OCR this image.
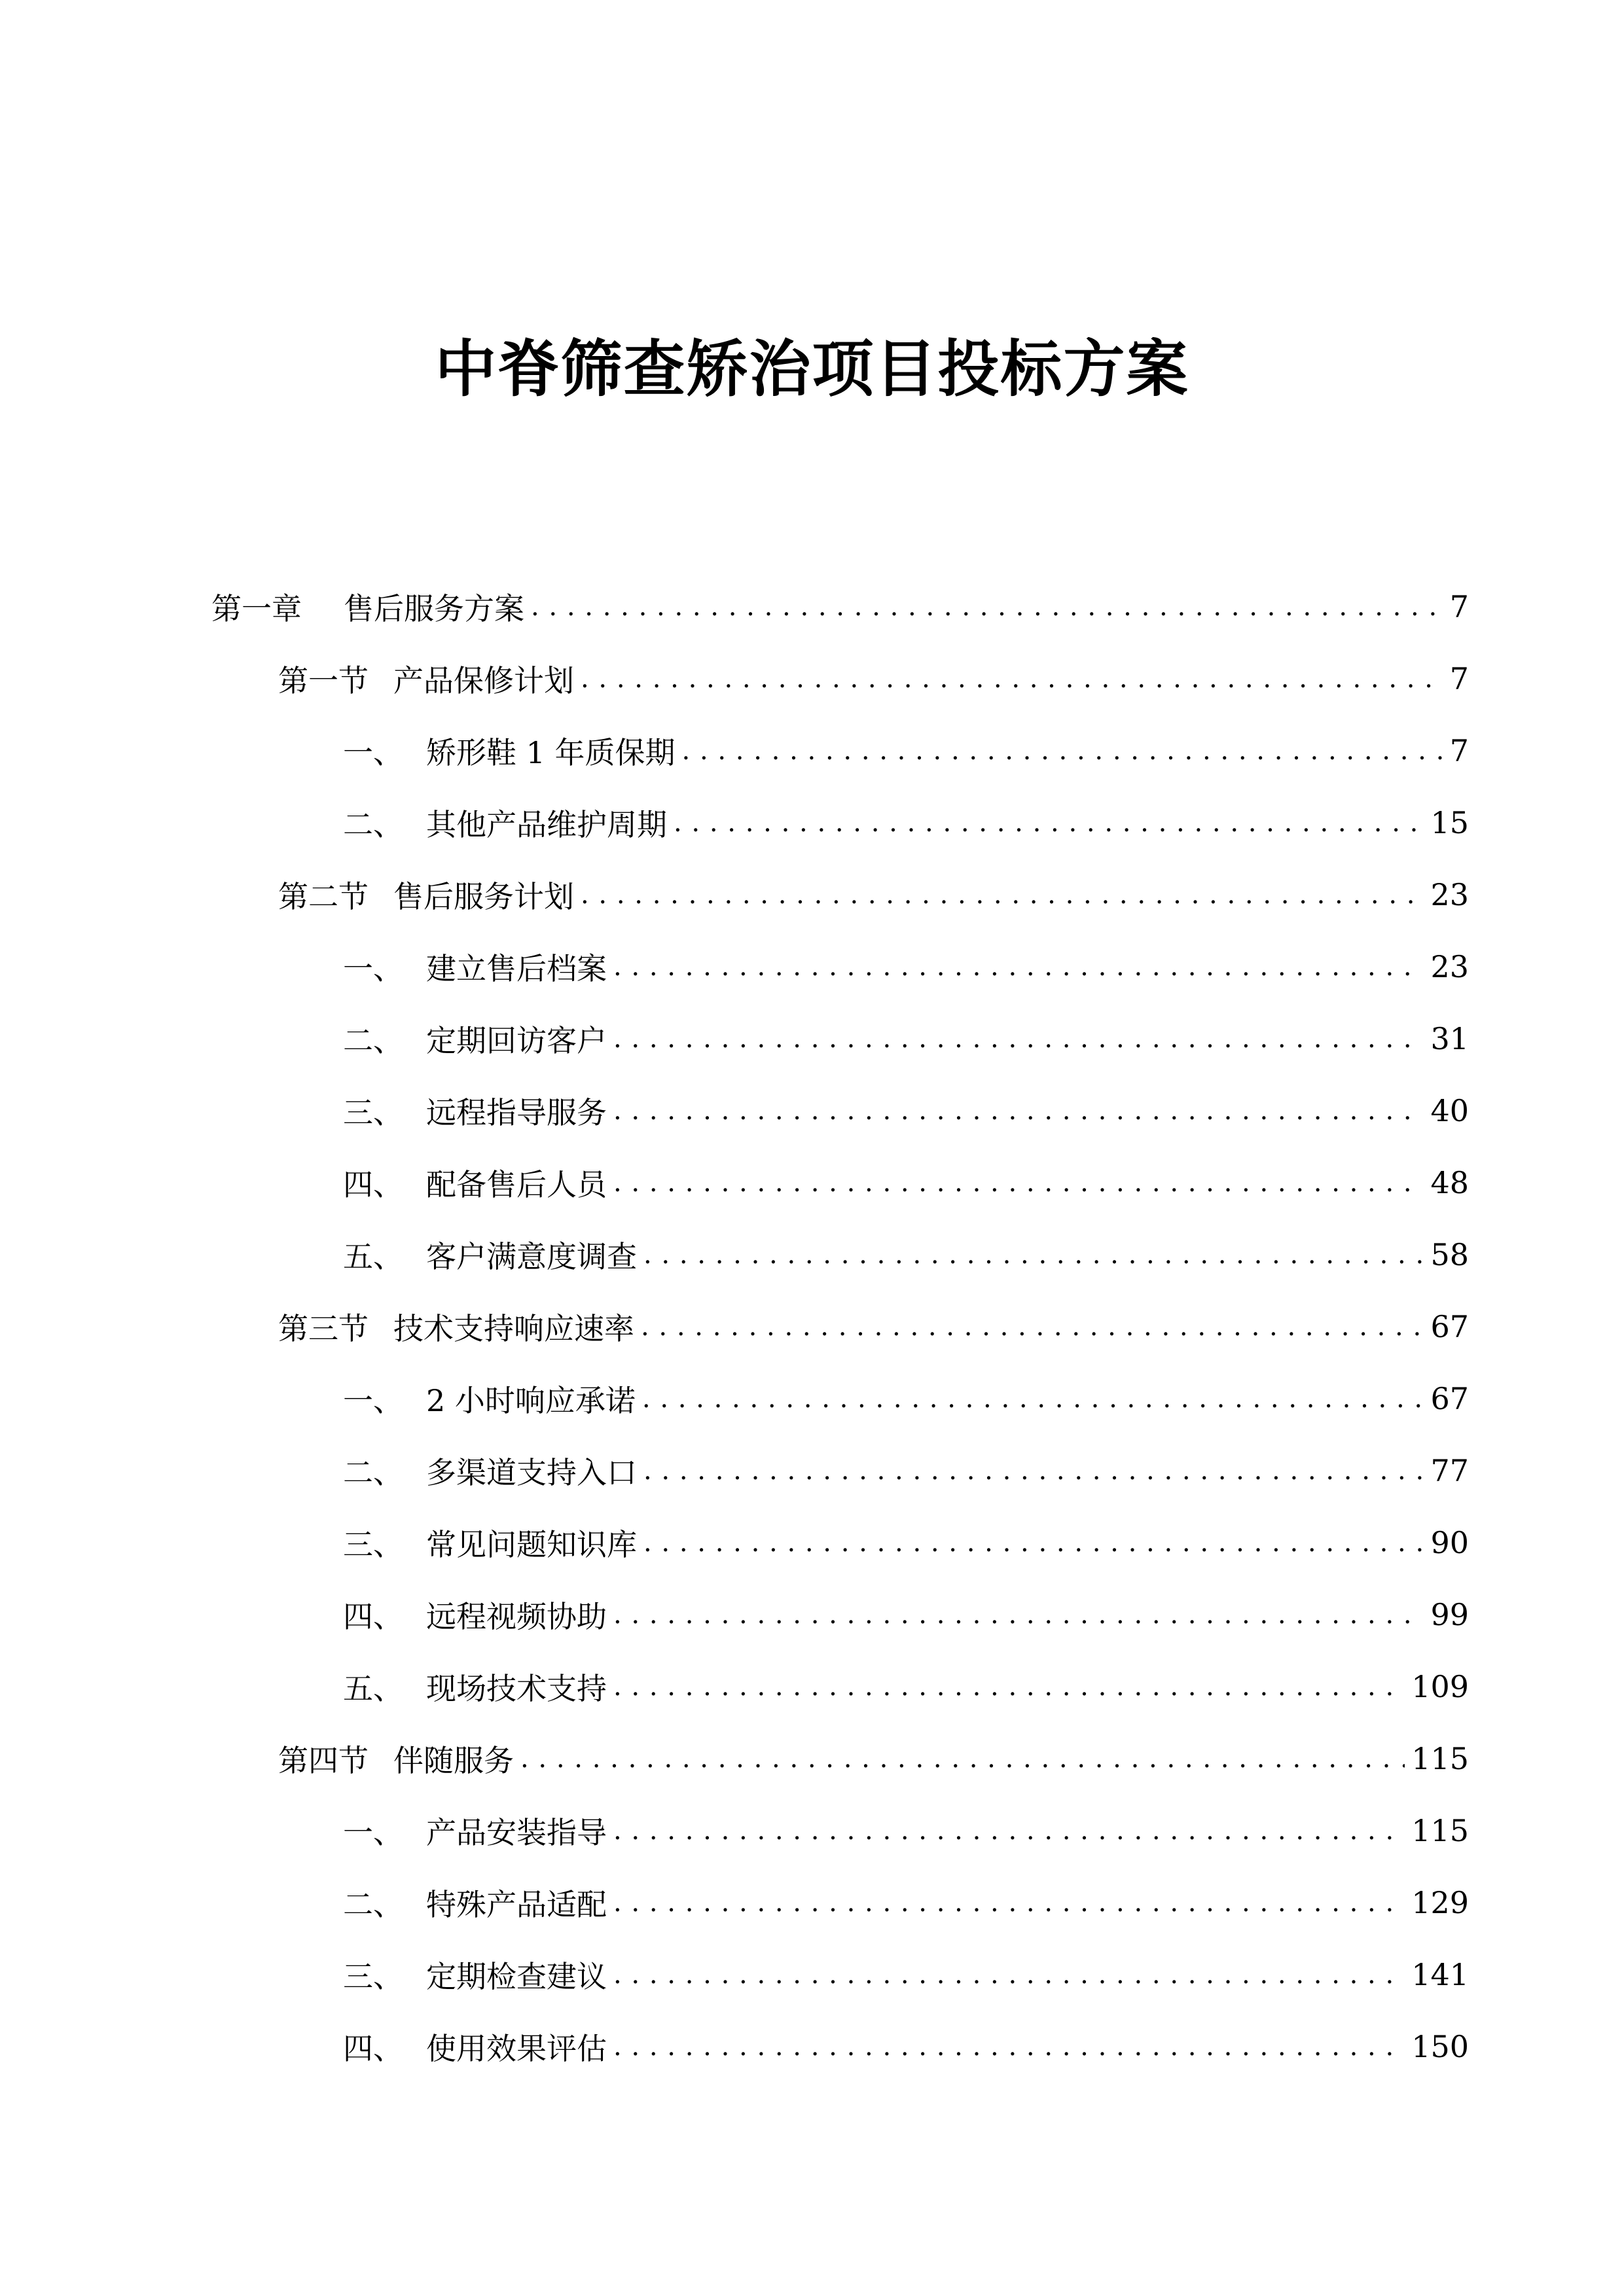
中脊筛查矫治项目投标方案
第一章	售后服务方案 . . .	7
第一节 产品保修计划 . . .	7
一、 矫形鞋 1 年质保期 . . .	7
二、 其他产品维护周期 . . .	15
第二节 售后服务计划 . . .	23
一、 建立售后档案 . . .	23
二、 定期回访客户 . . .	31
三、 远程指导服务 . . .	40
四、 配备售后人员 . . .	48
五、 客户满意度调查 . . .	58
第三节 技术支持响应速率 . . .	67
一、 2 小时响应承诺 . . .	67
二、 多渠道支持入口 . . .	77
三、 常见问题知识库 . . .	90
四、 远程视频协助 . . .	99
五、 现场技术支持 . . .	109
第四节 伴随服务 . . .	115
一、 产品安装指导 . . .	115
二、 特殊产品适配 . . .	129
三、 定期检查建议 . . .	141
四、 使用效果评估 . . .	150
